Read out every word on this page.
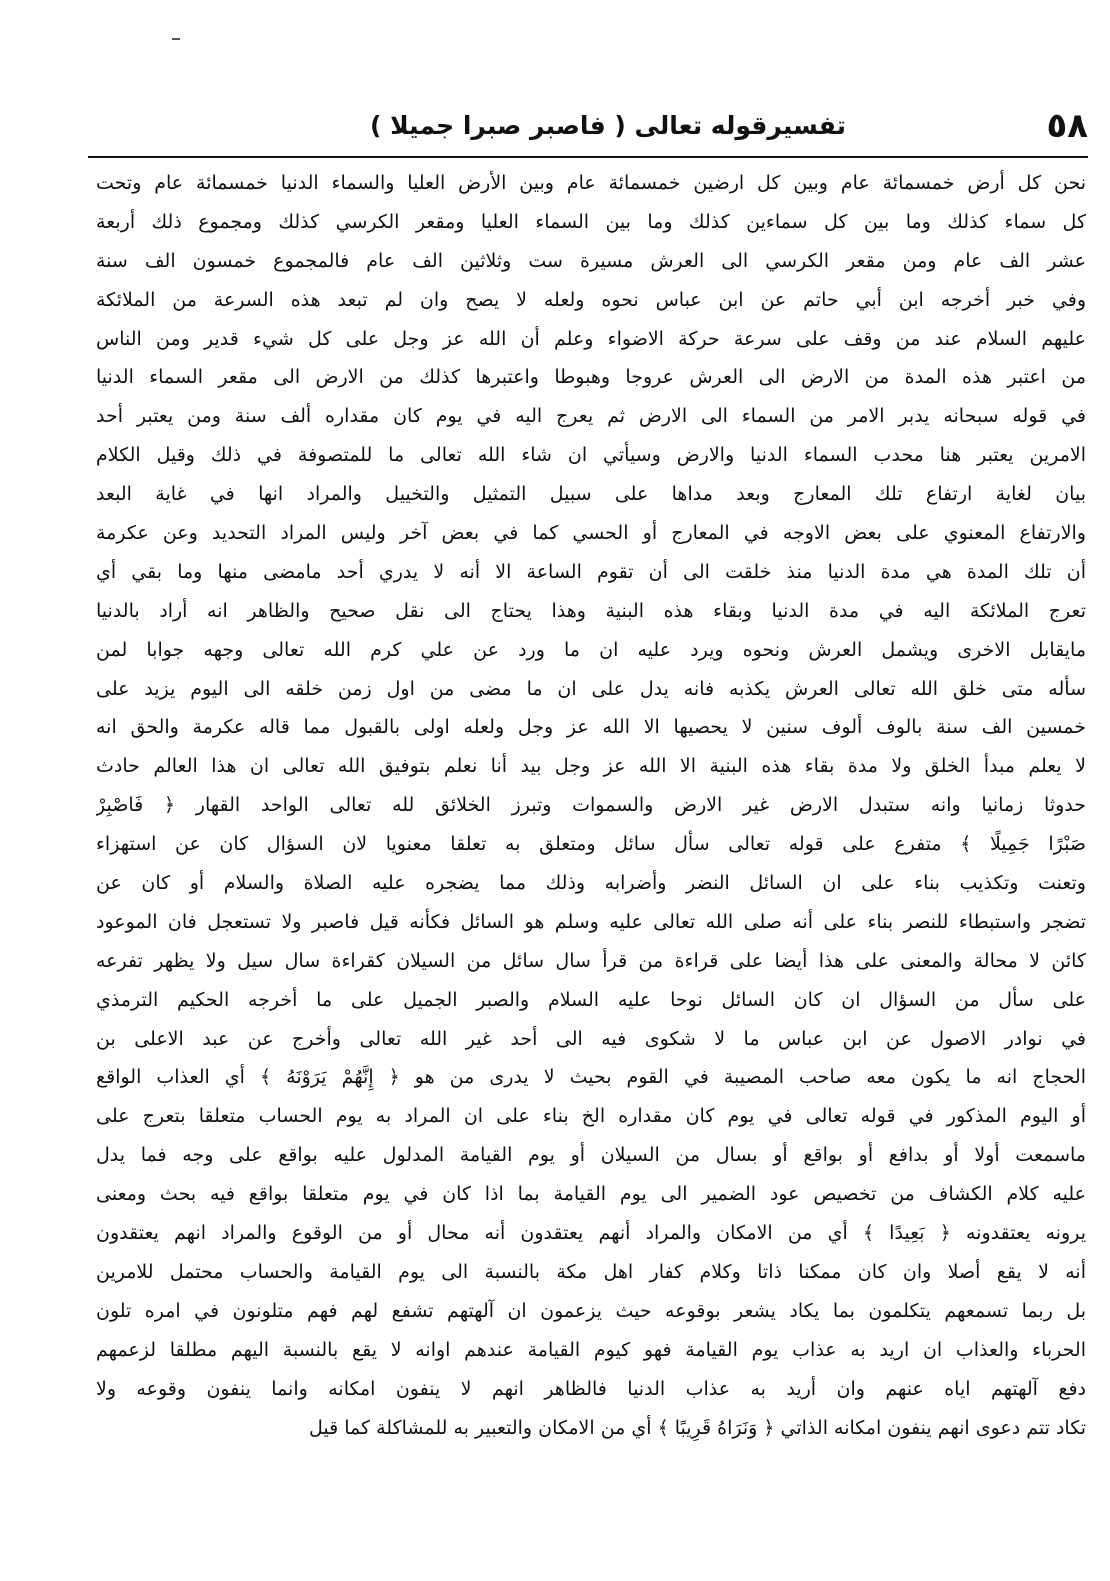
٥٨
تفسيرقوله تعالى ( فاصبر صبرا جميلا )
نحن كل أرض خمسمائة عام وبين كل ارضين خمسمائة عام وبين الأرض العليا والسماء الدنيا خمسمائة عام وتحت
كل سماء كذلك وما بين كل سماءين كذلك وما بين السماء العليا ومقعر الكرسي كذلك ومجموع ذلك أربعة
عشر الف عام ومن مقعر الكرسي الى العرش مسيرة ست وثلاثين الف عام فالمجموع خمسون الف سنة
وفي خبر أخرجه ابن أبي حاتم عن ابن عباس نحوه ولعله لا يصح وان لم تبعد هذه السرعة من الملائكة
عليهم السلام عند من وقف على سرعة حركة الاضواء وعلم أن الله عز وجل على كل شيء قدير ومن الناس
من اعتبر هذه المدة من الارض الى العرش عروجا وهبوطا واعتبرها كذلك من الارض الى مقعر السماء الدنيا
في قوله سبحانه يدبر الامر من السماء الى الارض ثم يعرج اليه في يوم كان مقداره ألف سنة ومن يعتبر أحد
الامرين يعتبر هنا محدب السماء الدنيا والارض وسيأتي ان شاء الله تعالى ما للمتصوفة في ذلك وقيل الكلام
بيان لغاية ارتفاع تلك المعارج وبعد مداها على سبيل التمثيل والتخييل والمراد انها في غاية البعد
والارتفاع المعنوي على بعض الاوجه في المعارج أو الحسي كما في بعض آخر وليس المراد التحديد وعن عكرمة
أن تلك المدة هي مدة الدنيا منذ خلقت الى أن تقوم الساعة الا أنه لا يدري أحد مامضى منها وما بقي أي
تعرج الملائكة اليه في مدة الدنيا وبقاء هذه البنية وهذا يحتاج الى نقل صحيح والظاهر انه أراد بالدنيا
مايقابل الاخرى ويشمل العرش ونحوه ويرد عليه ان ما ورد عن علي كرم الله تعالى وجهه جوابا لمن
سأله متى خلق الله تعالى العرش يكذبه فانه يدل على ان ما مضى من اول زمن خلقه الى اليوم يزيد على
خمسين الف سنة بالوف ألوف سنين لا يحصيها الا الله عز وجل ولعله اولى بالقبول مما قاله عكرمة والحق انه
لا يعلم مبدأ الخلق ولا مدة بقاء هذه البنية الا الله عز وجل بيد أنا نعلم بتوفيق الله تعالى ان هذا العالم حادث
حدوثا زمانيا وانه ستبدل الارض غير الارض والسموات وتبرز الخلائق لله تعالى الواحد القهار ﴿ فَاصْبِرْ
صَبْرًا جَمِيلًا ﴾ متفرع على قوله تعالى سأل سائل ومتعلق به تعلقا معنويا لان السؤال كان عن استهزاء
وتعنت وتكذيب بناء على ان السائل النضر وأضرابه وذلك مما يضجره عليه الصلاة والسلام أو كان عن
تضجر واستبطاء للنصر بناء على أنه صلى الله تعالى عليه وسلم هو السائل فكأنه قيل فاصبر ولا تستعجل فان الموعود
كائن لا محالة والمعنى على هذا أيضا على قراءة من قرأ سال سائل من السيلان كقراءة سال سيل ولا يظهر تفرعه
على سأل من السؤال ان كان السائل نوحا عليه السلام والصبر الجميل على ما أخرجه الحكيم الترمذي
في نوادر الاصول عن ابن عباس ما لا شكوى فيه الى أحد غير الله تعالى وأخرج عن عبد الاعلى بن
الحجاج انه ما يكون معه صاحب المصيبة في القوم بحيث لا يدرى من هو ﴿ إِنَّهُمْ يَرَوْنَهُ ﴾ أي العذاب الواقع
أو اليوم المذكور في قوله تعالى في يوم كان مقداره الخ بناء على ان المراد به يوم الحساب متعلقا بتعرج على
ماسمعت أولا أو بدافع أو بواقع أو بسال من السيلان أو يوم القيامة المدلول عليه بواقع على وجه فما يدل
عليه كلام الكشاف من تخصيص عود الضمير الى يوم القيامة بما اذا كان في يوم متعلقا بواقع فيه بحث ومعنى
يرونه يعتقدونه ﴿ بَعِيدًا ﴾ أي من الامكان والمراد أنهم يعتقدون أنه محال أو من الوقوع والمراد انهم يعتقدون
أنه لا يقع أصلا وان كان ممكنا ذاتا وكلام كفار اهل مكة بالنسبة الى يوم القيامة والحساب محتمل للامرين
بل ربما تسمعهم يتكلمون بما يكاد يشعر بوقوعه حيث يزعمون ان آلهتهم تشفع لهم فهم متلونون في امره تلون
الحرباء والعذاب ان اريد به عذاب يوم القيامة فهو كيوم القيامة عندهم اوانه لا يقع بالنسبة اليهم مطلقا لزعمهم
دفع آلهتهم اياه عنهم وان أريد به عذاب الدنيا فالظاهر انهم لا ينفون امكانه وانما ينفون وقوعه ولا
تكاد تتم دعوى انهم ينفون امكانه الذاتي ﴿ وَنَرَاهُ قَرِيبًا ﴾ أي من الامكان والتعبير به للمشاكلة كما قيل
